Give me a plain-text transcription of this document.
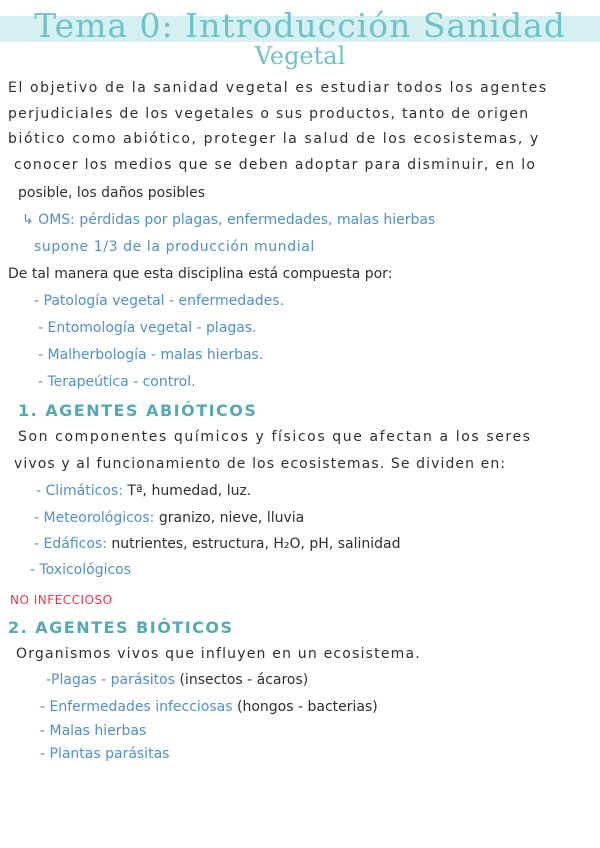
Tema 0: Introducción Sanidad
Vegetal
El objetivo de la sanidad vegetal es estudiar todos los agentes
perjudiciales de los vegetales o sus productos, tanto de origen
biótico como abiótico, proteger la salud de los ecosistemas, y
conocer los medios que se deben adoptar para disminuir, en lo
posible, los daños posibles
↳ OMS: pérdidas por plagas, enfermedades, malas hierbas
supone 1/3 de la producción mundial
De tal manera que esta disciplina está compuesta por:
- Patología vegetal - enfermedades.
- Entomología vegetal - plagas.
- Malherbología - malas hierbas.
- Terapeútica - control.
1. AGENTES ABIÓTICOS
Son componentes químicos y físicos que afectan a los seres
vivos y al funcionamiento de los ecosistemas. Se dividen en:
- Climáticos: Tª, humedad, luz.
- Meteorológicos: granizo, nieve, lluvia
- Edáficos: nutrientes, estructura, H₂O, pH, salinidad
- Toxicológicos
NO INFECCIOSO
2. AGENTES BIÓTICOS
Organismos vivos que influyen en un ecosistema.
-Plagas - parásitos (insectos - ácaros)
- Enfermedades infecciosas (hongos - bacterias)
- Malas hierbas
- Plantas parásitas
